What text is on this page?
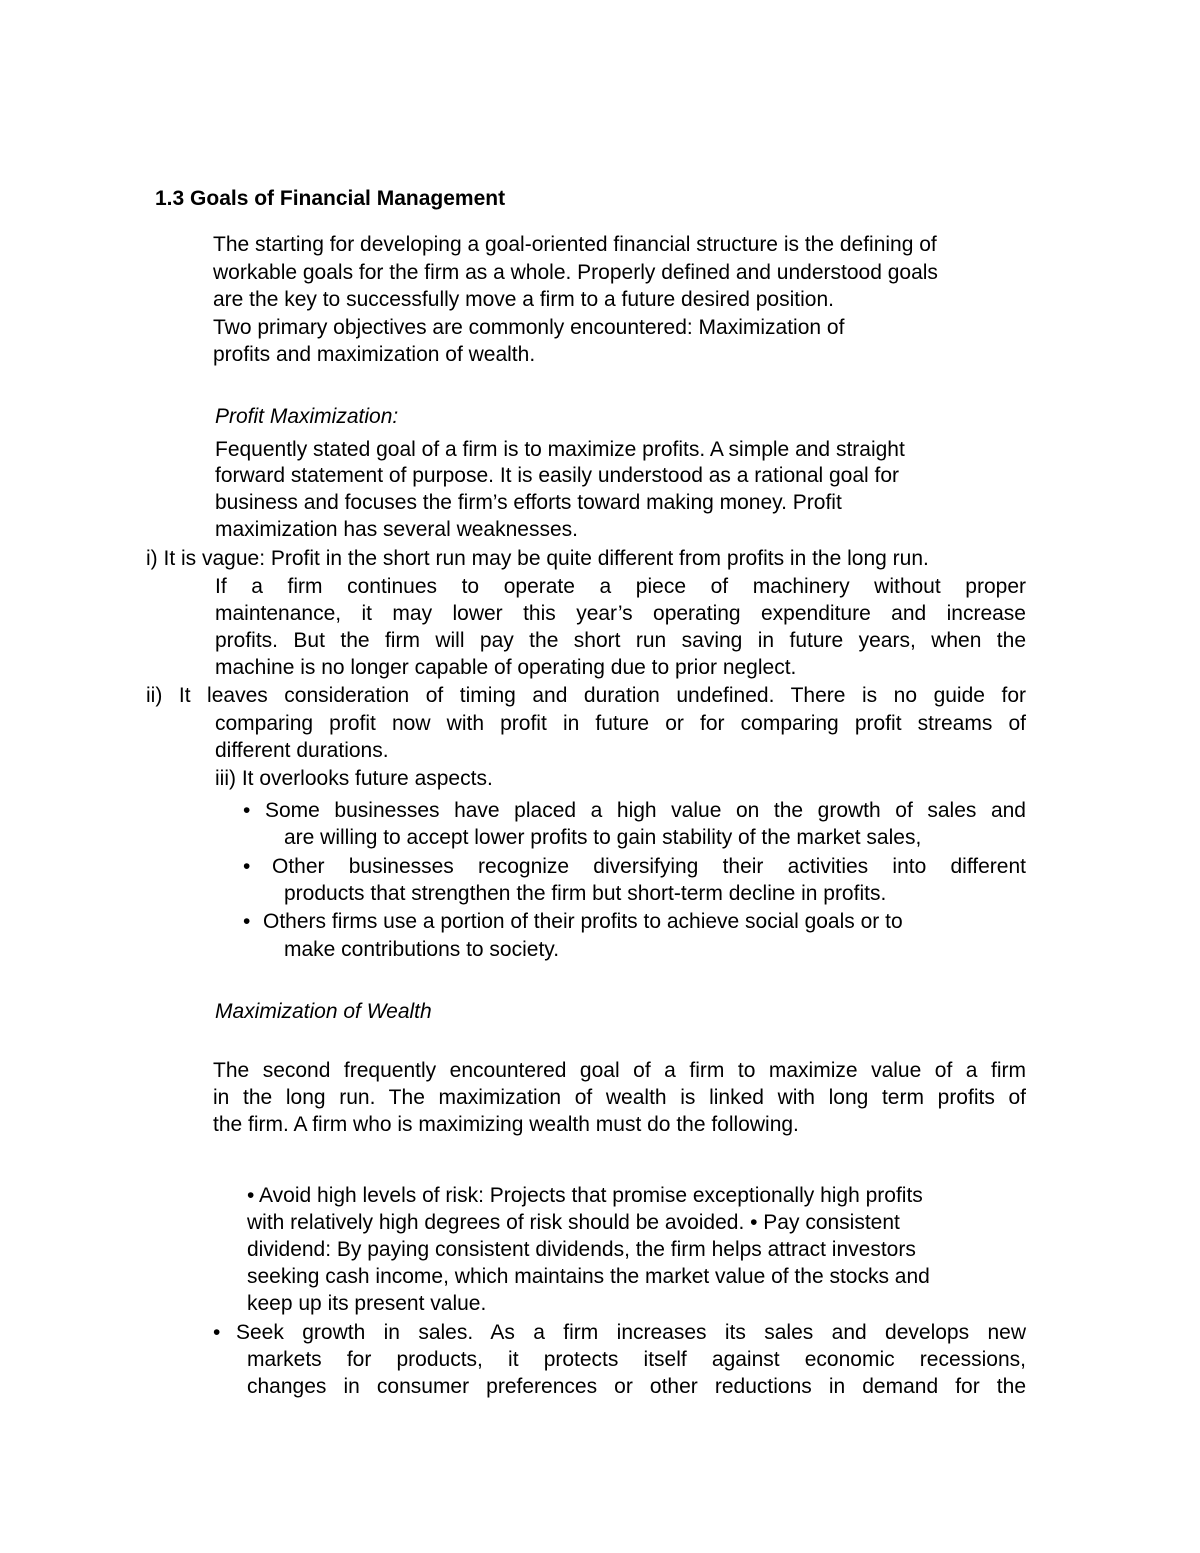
1.3 Goals of Financial Management
The starting for developing a goal-oriented financial structure is the defining of
workable goals for the firm as a whole. Properly defined and understood goals
are the key to successfully move a firm to a future desired position.
Two primary objectives are commonly encountered: Maximization of
profits and maximization of wealth.
Profit Maximization:
Fequently stated goal of a firm is to maximize profits. A simple and straight
forward statement of purpose. It is easily understood as a rational goal for
business and focuses the firm’s efforts toward making money. Profit
maximization has several weaknesses.
i) It is vague: Profit in the short run may be quite different from profits in the long run.
If a firm continues to operate a piece of machinery without proper
maintenance, it may lower this year’s operating expenditure and increase
profits. But the firm will pay the short run saving in future years, when the
machine is no longer capable of operating due to prior neglect.
ii) It leaves consideration of timing and duration undefined. There is no guide for
comparing profit now with profit in future or for comparing profit streams of
different durations.
iii) It overlooks future aspects.
• Some businesses have placed a high value on the growth of sales and
are willing to accept lower profits to gain stability of the market sales,
• Other businesses recognize diversifying their activities into different
products that strengthen the firm but short-term decline in profits.
• Others firms use a portion of their profits to achieve social goals or to
make contributions to society.
Maximization of Wealth
The second frequently encountered goal of a firm to maximize value of a firm
in the long run. The maximization of wealth is linked with long term profits of
the firm. A firm who is maximizing wealth must do the following.
• Avoid high levels of risk: Projects that promise exceptionally high profits
with relatively high degrees of risk should be avoided. • Pay consistent
dividend: By paying consistent dividends, the firm helps attract investors
seeking cash income, which maintains the market value of the stocks and
keep up its present value.
• Seek growth in sales. As a firm increases its sales and develops new
markets for products, it protects itself against economic recessions,
changes in consumer preferences or other reductions in demand for the
